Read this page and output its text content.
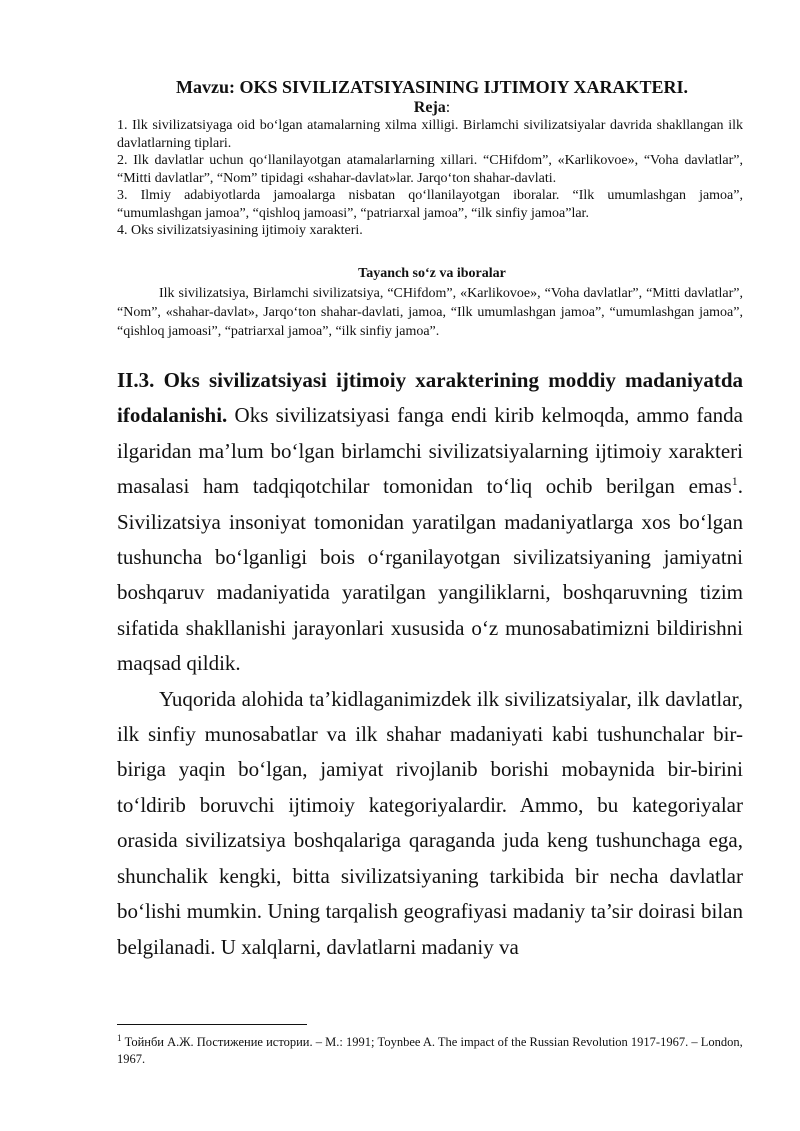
Mavzu: OKS SIVILIZATSIYASINING IJTIMOIY XARAKTERI.
Reja:

1. Ilk sivilizatsiyaga oid bo‘lgan atamalarning xilma xilligi. Birlamchi sivilizatsiyalar davrida shakllangan ilk davlatlarning tiplari.

2. Ilk davlatlar uchun qo‘llanilayotgan atamalarlarning xillari. “CHifdom”, «Karlikovoe», “Voha davlatlar”, “Mitti davlatlar”, “Nom” tipidagi «shahar-davlat»lar. Jarqo‘ton shahar-davlati.

3. Ilmiy adabiyotlarda jamoalarga nisbatan qo‘llanilayotgan iboralar. “Ilk umumlashgan jamoa”, “umumlashgan jamoa”, “qishloq jamoasi”, “patriarxal jamoa”, “ilk sinfiy jamoa”lar.

4. Oks sivilizatsiyasining ijtimoiy xarakteri.

Tayanch so‘z va iboralar

Ilk sivilizatsiya, Birlamchi sivilizatsiya, “CHifdom”, «Karlikovoe», “Voha davlatlar”, “Mitti davlatlar”, “Nom”, «shahar-davlat», Jarqo‘ton shahar-davlati, jamoa, “Ilk umumlashgan jamoa”, “umumlashgan jamoa”, “qishloq jamoasi”, “patriarxal jamoa”, “ilk sinfiy jamoa”.

II.3. Oks sivilizatsiyasi ijtimoiy xarakterining moddiy madaniyatda ifodalanishi. Oks sivilizatsiyasi fanga endi kirib kelmoqda, ammo fanda ilgaridan ma’lum bo‘lgan birlamchi sivilizatsiyalarning ijtimoiy xarakteri masalasi ham tadqiqotchilar tomonidan to‘liq ochib berilgan emas$^1$. Sivilizatsiya insoniyat tomonidan yaratilgan madaniyatlarga xos bo‘lgan tushuncha bo‘lganligi bois o‘rganilayotgan sivilizatsiyaning jamiyatni boshqaruv madaniyatida yaratilgan yangiliklarni, boshqaruvning tizim sifatida shakllanishi jarayonlari xususida o‘z munosabatimizni bildirishni maqsad qildik.

Yuqorida alohida ta’kidlaganimizdek ilk sivilizatsiyalar, ilk davlatlar, ilk sinfiy munosabatlar va ilk shahar madaniyati kabi tushunchalar bir-biriga yaqin bo‘lgan, jamiyat rivojlanib borishi mobaynida bir-birini to‘ldirib boruvchi ijtimoiy kategoriyalardir. Ammo, bu kategoriyalar orasida sivilizatsiya boshqalariga qaraganda juda keng tushunchaga ega, shunchalik kengki, bitta sivilizatsiyaning tarkibida bir necha davlatlar bo‘lishi mumkin. Uning tarqalish geografiyasi madaniy ta’sir doirasi bilan belgilanadi. U xalqlarni, davlatlarni madaniy va

$^1$ Тойнби А.Ж. Постижение истории. – М.: 1991; Toynbee A. The impact of the Russian Revolution 1917-1967. – London, 1967.
